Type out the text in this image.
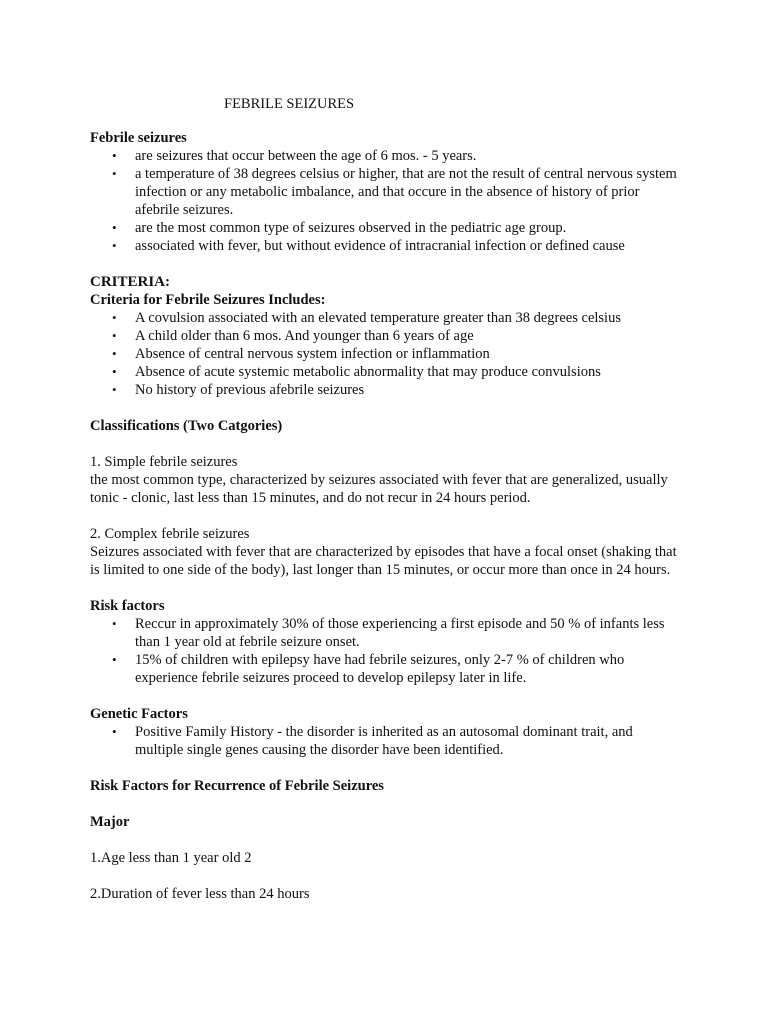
FEBRILE SEIZURES

Febrile seizures

• are seizures that occur between the age of 6 mos. - 5 years.
• a temperature of 38 degrees celsius or higher, that are not the result of central nervous system infection or any metabolic imbalance, and that occure in the absence of history of prior afebrile seizures.
• are the most common type of seizures observed in the pediatric age group.
• associated with fever, but without evidence of intracranial infection or defined cause

CRITERIA:

Criteria for Febrile Seizures Includes:

• A covulsion associated with an elevated temperature greater than 38 degrees celsius
• A child older than 6 mos. And younger than 6 years of age
• Absence of central nervous system infection or inflammation
• Absence of acute systemic metabolic abnormality that may produce convulsions
• No history of previous afebrile seizures

Classifications (Two Catgories)

1. Simple febrile seizures

the most common type, characterized by seizures associated with fever that are generalized, usually tonic - clonic, last less than 15 minutes, and do not recur in 24 hours period.

2. Complex febrile seizures

Seizures associated with fever that are characterized by episodes that have a focal onset (shaking that is limited to one side of the body), last longer than 15 minutes, or occur more than once in 24 hours.

Risk factors

• Reccur in approximately 30% of those experiencing a first episode and 50 % of infants less than 1 year old at febrile seizure onset.
• 15% of children with epilepsy have had febrile seizures, only 2-7 % of children who experience febrile seizures proceed to develop epilepsy later in life.

Genetic Factors

• Positive Family History - the disorder is inherited as an autosomal dominant trait, and multiple single genes causing the disorder have been identified.

Risk Factors for Recurrence of Febrile Seizures

Major

1.Age less than 1 year old 2

2.Duration of fever less than 24 hours
